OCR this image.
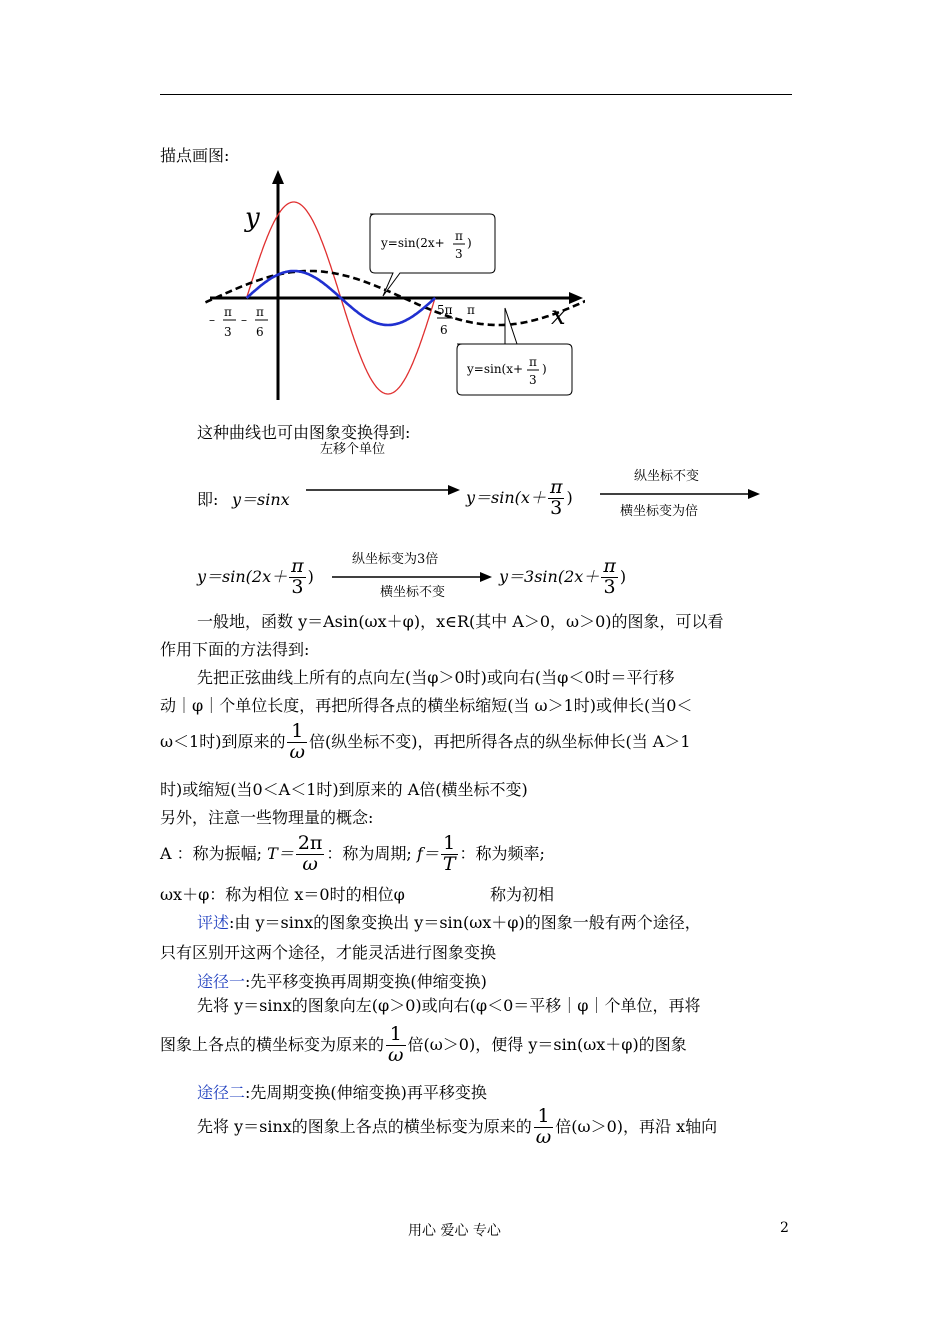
描点画图:
y
x
–
π
3
–
π
6
5π
6
π
y=sin(2x+ π
3
)
y=sin(x+ π
3
)
这种曲线也可由图象变换得到:
左移个单位
即: y＝sinx	$y=\sin(x+ \frac{\pi}{3}$ )
纵坐标不变
横坐标变为倍
$y=\sin(2x+ \frac{\pi}{3}$ )
纵坐标变为3倍
横坐标不变
$y=3\sin(2x+ \frac{\pi}{3}$ )
一般地，函数 y＝Asin(ωx＋φ)，x∈R(其中 A＞0，ω＞0)的图象，可以看
作用下面的方法得到:
先把正弦曲线上所有的点向左(当φ＞0时)或向右(当φ＜0时＝平行移
动｜φ｜个单位长度，再把所得各点的横坐标缩短(当 ω＞1时)或伸长(当0＜
ω＜1时)到原来的 $\frac{1}{\omega}$ 倍(纵坐标不变)，再把所得各点的纵坐标伸长(当 A＞1
时)或缩短(当0＜A＜1时)到原来的 A倍(横坐标不变)
另外，注意一些物理量的概念:
A ：称为振幅; $T= \frac{2\pi}{\omega}$ ：称为周期; $f= \frac{1}{T}$ ：称为频率;
ωx＋φ：称为相位 x＝0时的相位φ	称为初相
评述:由 y＝sinx的图象变换出 y＝sin(ωx＋φ)的图象一般有两个途径，
只有区别开这两个途径，才能灵活进行图象变换
途径一:先平移变换再周期变换(伸缩变换)
先将 y＝sinx的图象向左(φ＞0)或向右(φ＜0＝平移｜φ｜个单位，再将
图象上各点的横坐标变为原来的 $\frac{1}{\omega}$ 倍(ω＞0)，便得 y＝sin(ωx＋φ)的图象
途径二:先周期变换(伸缩变换)再平移变换
先将 y＝sinx的图象上各点的横坐标变为原来的 $\frac{1}{\omega}$ 倍(ω＞0)，再沿 x轴向
用心 爱心 专心	2
